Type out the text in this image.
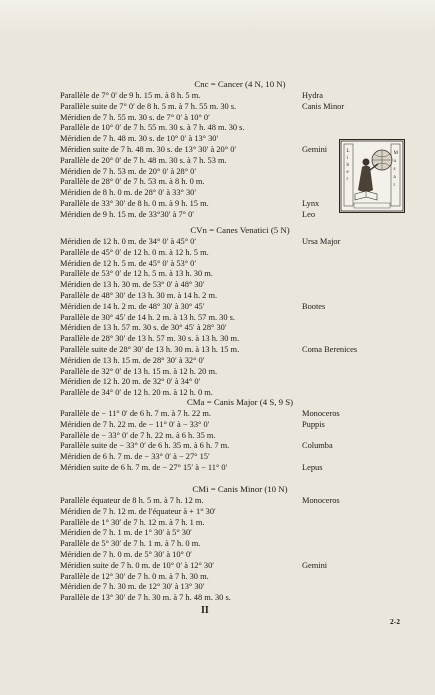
Cnc = Cancer (4 N, 10 N)
Parallèle de 7° 0′ de 9 h. 15 m. à 8 h. 5 m.	Hydra
Parallèle suite de 7° 0′ de 8 h. 5 m. à 7 h. 55 m. 30 s.	Canis Minor
Méridien de 7 h. 55 m. 30 s. de 7° 0′ à 10° 0′
Parallèle de 10° 0′ de 7 h. 55 m. 30 s. à 7 h. 48 m. 30 s.
Méridien de 7 h. 48 m. 30 s. de 10° 0′ à 13° 30′
Méridien suite de 7 h. 48 m. 30 s. de 13° 30′ à 20° 0′	Gemini
Parallèle de 20° 0′ de 7 h. 48 m. 30 s. à 7 h. 53 m.
Méridien de 7 h. 53 m. de 20° 0′ à 28° 0′
Parallèle de 28° 0′ de 7 h. 53 m. à 8 h. 0 m.
Méridien de 8 h. 0 m. de 28° 0′ à 33° 30′
Parallèle de 33° 30′ de 8 h. 0 m. à 9 h. 15 m.	Lynx
Méridien de 9 h. 15 m. de 33°30′ à 7° 0′	Leo
CVn = Canes Venatici (5 N)
Méridien de 12 h. 0 m. de 34° 0′ à 45° 0′	Ursa Major
Parallèle de 45° 0′ de 12 h. 0 m. à 12 h. 5 m.
Méridien de 12 h. 5 m. de 45° 0′ à 53° 0′
Parallèle de 53° 0′ de 12 h. 5 m. à 13 h. 30 m.
Méridien de 13 h. 30 m. de 53° 0′ à 48° 30′
Parallèle de 48° 30′ de 13 h. 30 m. à 14 h. 2 m.
Méridien de 14 h. 2 m. de 48° 30′ à 30° 45′	Bootes
Parallèle de 30° 45′ de 14 h. 2 m. à 13 h. 57 m. 30 s.
Méridien de 13 h. 57 m. 30 s. de 30° 45′ à 28° 30′
Parallèle de 28° 30′ de 13 h. 57 m. 30 s. à 13 h. 30 m.
Parallèle suite de 28° 30′ de 13 h. 30 m. à 13 h. 15 m.	Coma Berenices
Méridien de 13 h. 15 m. de 28° 30′ à 32° 0′
Parallèle de 32° 0′ de 13 h. 15 m. à 12 h. 20 m.
Méridien de 12 h. 20 m. de 32° 0′ à 34° 0′
Parallèle de 34° 0′ de 12 h. 20 m. à 12 h. 0 m.
CMa = Canis Major (4 S, 9 S)
Parallèle de − 11° 0′ de 6 h. 7 m. à 7 h. 22 m.	Monoceros
Méridien de 7 h. 22 m. de − 11° 0′ à − 33° 0′	Puppis
Parallèle de − 33° 0′ de 7 h. 22 m. à 6 h. 35 m.
Parallèle suite de − 33° 0′ de 6 h. 35 m. à 6 h. 7 m.	Columba
Méridien de 6 h. 7 m. de − 33° 0′ à − 27° 15′
Méridien suite de 6 h. 7 m. de − 27° 15′ à − 11° 0′	Lepus
CMi = Canis Minor (10 N)
Parallèle équateur de 8 h. 5 m. à 7 h. 12 m.	Monoceros
Méridien de 7 h. 12 m. de l'équateur à + 1° 30′
Parallèle de 1° 30′ de 7 h. 12 m. à 7 h. 1 m.
Méridien de 7 h. 1 m. de 1° 30′ à 5° 30′
Parallèle de 5° 30′ de 7 h. 1 m. à 7 h. 0 m.
Méridien de 7 h. 0 m. de 5° 30′ à 10° 0′
Méridien suite de 7 h. 0 m. de 10° 0′ à 12° 30′	Gemini
Parallèle de 12° 30′ de 7 h. 0 m. à 7 h. 30 m.
Méridien de 7 h. 30 m. de 12° 30′ à 13° 30′
Parallèle de 13° 30′ de 7 h. 30 m. à 7 h. 48 m. 30 s.
L
i
b
e
r
M
u
s
a
r
II
2-2
